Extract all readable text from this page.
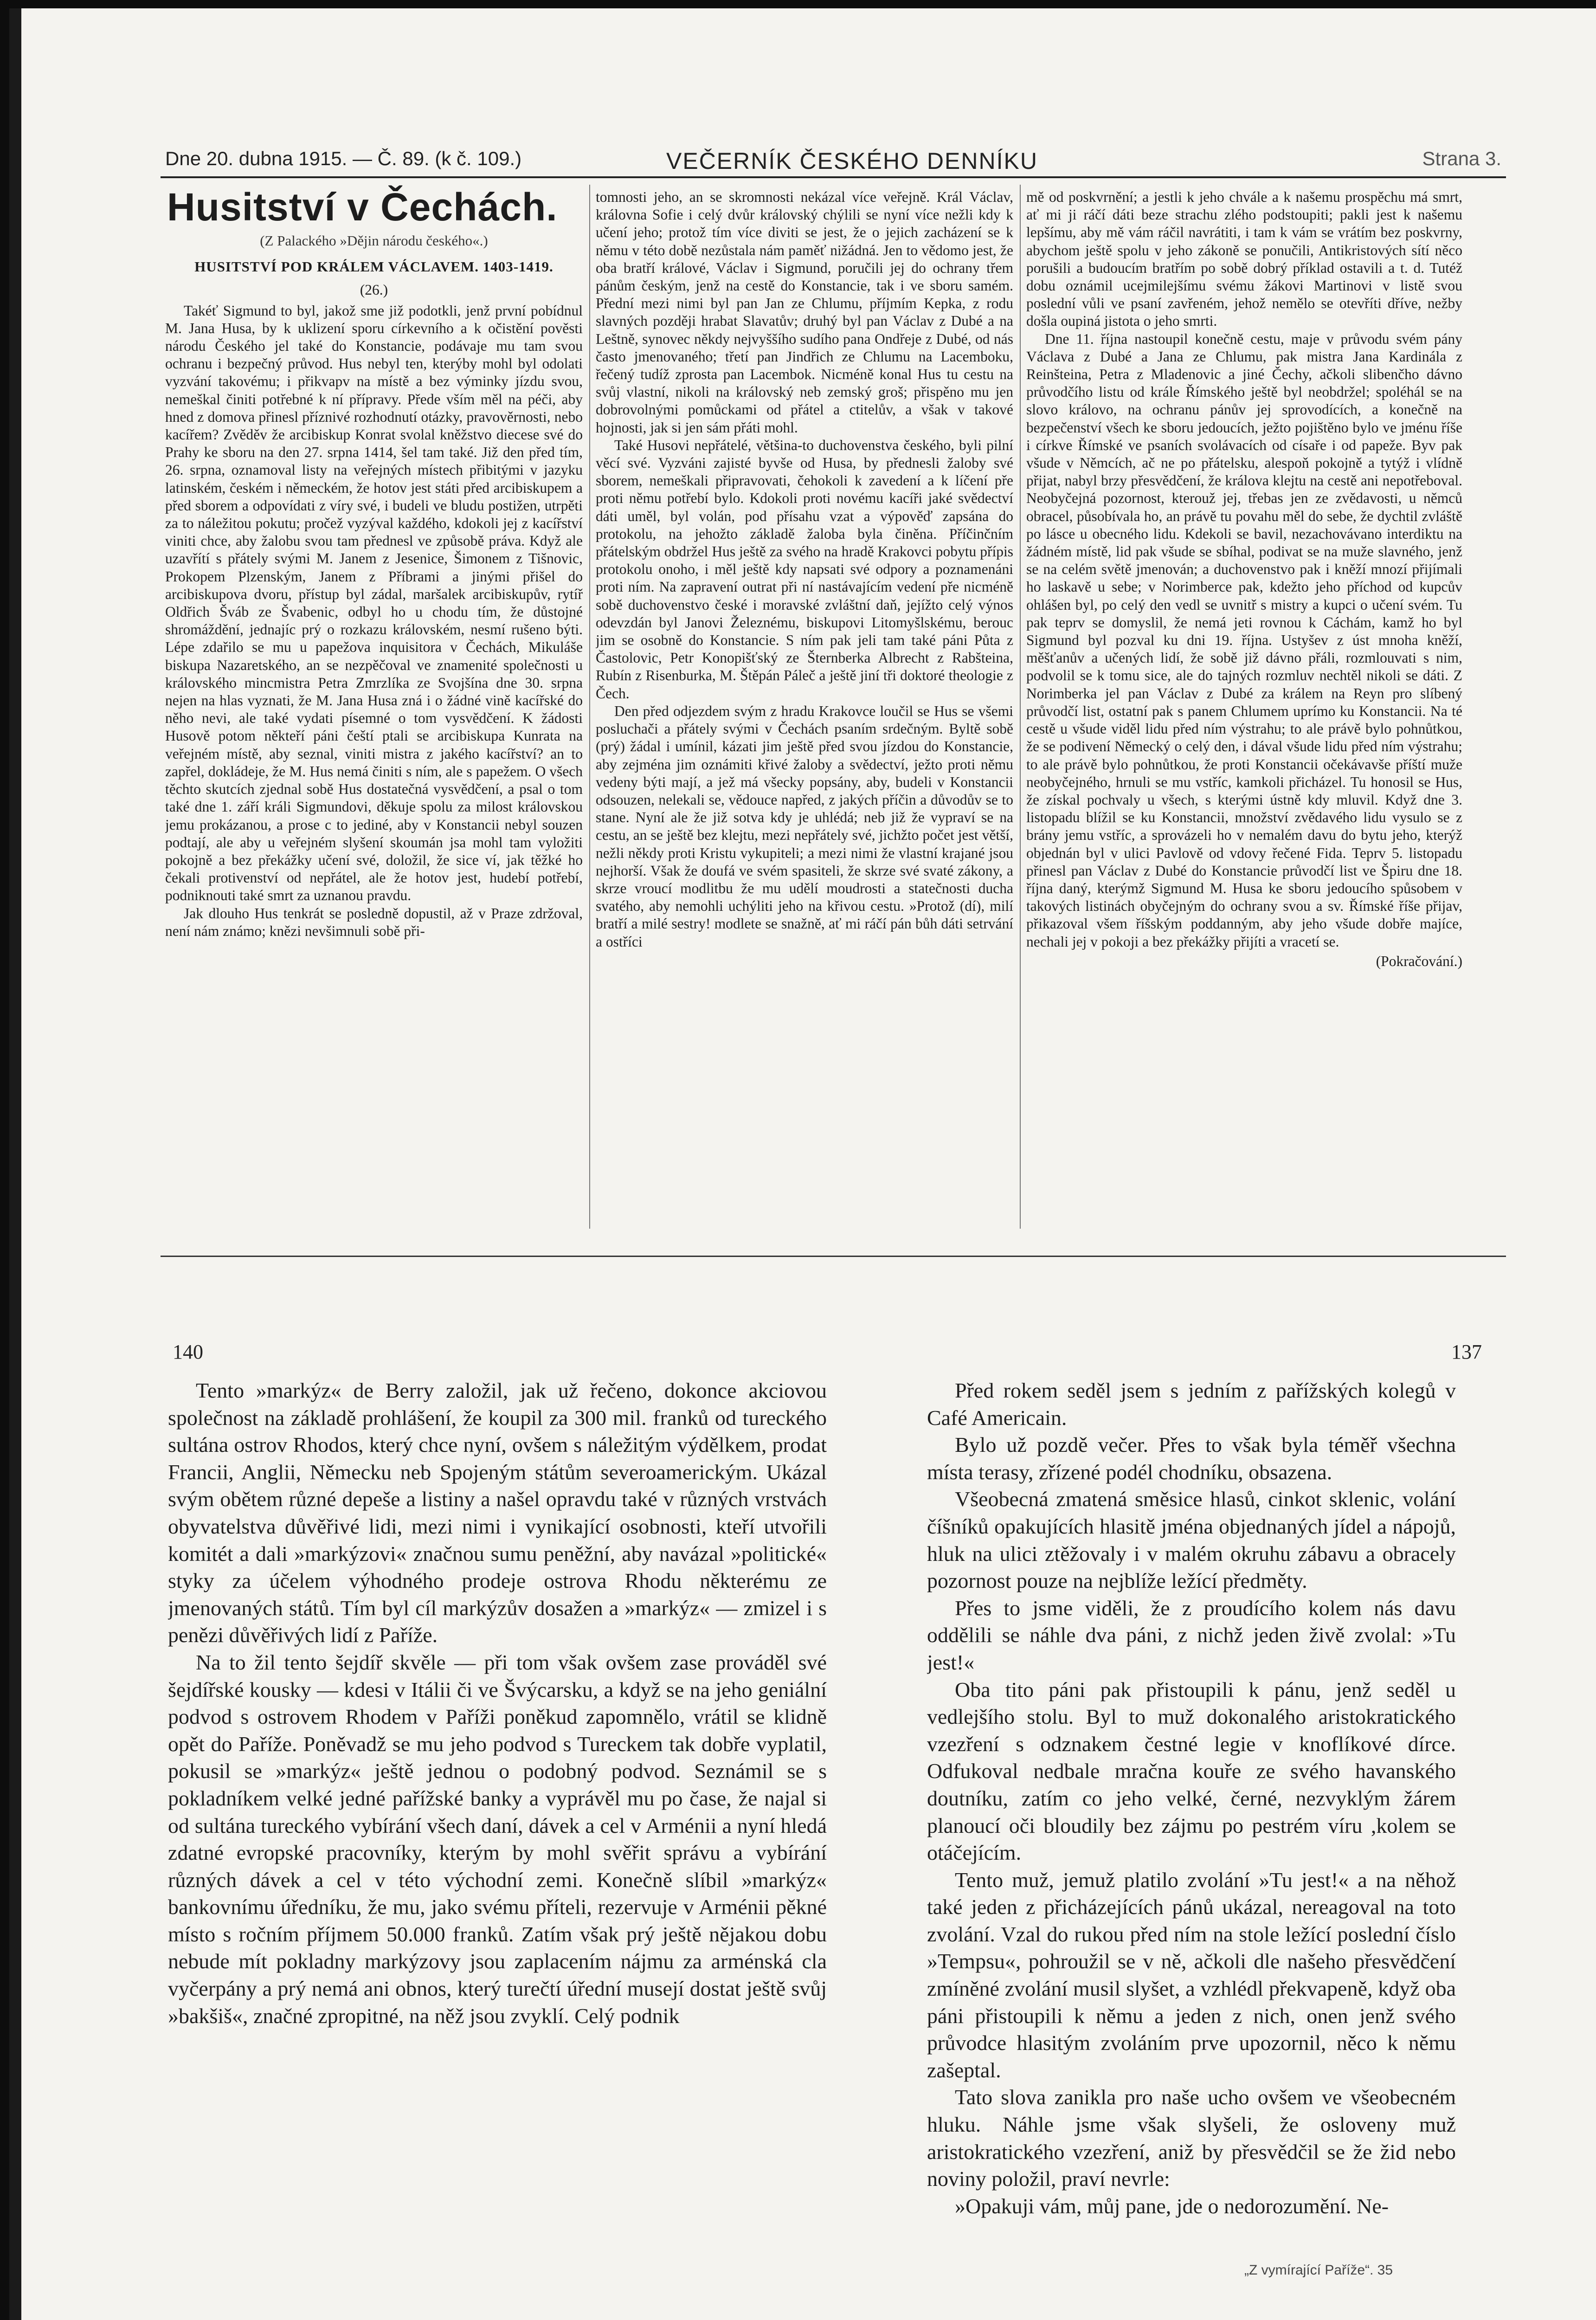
Dne 20. dubna 1915. — Č. 89. (k č. 109.)	VEČERNÍK ČESKÉHO DENNÍKU	Strana 3.
Husitství v Čechách.
(Z Palackého »Dějin národu českého«.)
HUSITSTVÍ POD KRÁLEM VÁCLAVEM. 1403-1419.
(26.)

Takéť Sigmund to byl, jakož sme již podotkli, jenž první pobídnul M. Jana Husa, by k uklizení sporu církevního a k očistění pověsti národu Českého jel také do Konstancie, podávaje mu tam svou ochranu i bezpečný průvod. Hus nebyl ten, kterýby mohl byl odolati vyzvání takovému; i přikvapv na místě a bez výminky jízdu svou, nemeškal činiti potřebné k ní přípravy. Přede vším měl na péči, aby hned z domova přinesl příznivé rozhodnutí otázky, pravověrnosti, nebo kacířem? Zvěděv že arcibiskup Konrat svolal kněžstvo diecese své do Prahy ke sboru na den 27. srpna 1414, šel tam také. Již den před tím, 26. srpna, oznamoval listy na veřejných místech přibitými v jazyku latinském, českém i německém, že hotov jest státi před arcibiskupem a před sborem a odpovídati z víry své, i budeli ve bludu postižen, utrpěti za to náležitou pokutu; pročež vyzýval každého, kdokoli jej z kacířství viniti chce, aby žalobu svou tam přednesl ve způsobě práva. Když ale uzavřítí s přátely svými M. Janem z Jesenice, Šimonem z Tišnovic, Prokopem Plzenským, Janem z Příbrami a jinými přišel do arcibiskupova dvoru, přístup byl zádal, maršalek arcibiskupův, rytíř Oldřich Šváb ze Švabenic, odbyl ho u chodu tím, že důstojné shromáždění, jednajíc prý o rozkazu královském, nesmí rušeno býti. Lépe zdařilo se mu u papežova inquisitora v Čechách, Mikuláše biskupa Nazaretského, an se nezpěčoval ve znamenité společnosti u královského mincmistra Petra Zmrzlíka ze Svojšína dne 30. srpna nejen na hlas vyznati, že M. Jana Husa zná i o žádné vině kacířské do něho nevi, ale také vydati písemné o tom vysvědčení. K žádosti Husově potom někteří páni čeští ptali se arcibiskupa Kunrata na veřejném místě, aby seznal, viniti mistra z jakého kacířství? an to zapřel, dokládeje, že M. Hus nemá činiti s ním, ale s papežem. O všech těchto skutcích zjednal sobě Hus dostatečná vysvědčení, a psal o tom také dne 1. září králi Sigmundovi, děkuje spolu za milost královskou jemu prokázanou, a prose c to jediné, aby v Konstancii nebyl souzen podtají, ale aby u veřejném slyšení skoumán jsa mohl tam vyložiti pokojně a bez překážky učení své, doložil, že sice ví, jak těžké ho čekali protivenství od nepřátel, ale že hotov jest, hudebí potřebí, podniknouti také smrt za uznanou pravdu.

Jak dlouho Hus tenkrát se posledně dopustil, až v Praze zdržoval, není nám známo; knězi nevšimnuli sobě při-

tomnosti jeho, an se skromnosti nekázal více veřejně. Král Václav, královna Sofie i celý dvůr královský chýlili se nyní více nežli kdy k učení jeho; protož tím více diviti se jest, že o jejich zacházení se k němu v této době nezůstala nám paměť nižádná. Jen to vědomo jest, že oba bratří králové, Václav i Sigmund, poručili jej do ochrany třem pánům českým, jenž na cestě do Konstancie, tak i ve sboru samém. Přední mezi nimi byl pan Jan ze Chlumu, příjmím Kepka, z rodu slavných později hrabat Slavatův; druhý byl pan Václav z Dubé a na Leštně, synovec někdy nejvyššího sudího pana Ondřeje z Dubé, od nás často jmenovaného; třetí pan Jindřich ze Chlumu na Lacemboku, řečený tudíž zprosta pan Lacembok. Nicméně konal Hus tu cestu na svůj vlastní, nikoli na královský neb zemský groš; přispěno mu jen dobrovolnými pomůckami od přátel a ctitelův, a však v takové hojnosti, jak si jen sám přáti mohl.

Také Husovi nepřátelé, většina-to duchovenstva českého, byli pilní věcí své. Vyzváni zajisté byvše od Husa, by přednesli žaloby své sborem, nemeškali připravovati, čehokoli k zavedení a k líčení pře proti němu potřebí bylo. Kdokoli proti novému kacíři jaké svědectví dáti uměl, byl volán, pod přísahu vzat a výpověď zapsána do protokolu, na jehožto základě žaloba byla činěna. Příčinčním přátelským obdržel Hus ještě za svého na hradě Krakovci pobytu přípis protokolu onoho, i měl ještě kdy napsati své odpory a poznamenáni proti ním. Na zapravení outrat při ní nastávajícím vedení pře nicméně sobě duchovenstvo české i moravské zvláštní daň, jejížto celý výnos odevzdán byl Janovi Železnému, biskupovi Litomyšlskému, berouc jim se osobně do Konstancie. S ním pak jeli tam také páni Půta z Častolovic, Petr Konopišťský ze Šternberka Albrecht z Rabšteina, Rubín z Risenburka, M. Štěpán Páleč a ještě jiní tři doktoré theologie z Čech.

Den před odjezdem svým z hradu Krakovce loučil se Hus se všemi posluchači a přátely svými v Čechách psaním srdečným. Byltě sobě (prý) žádal i umínil, kázati jim ještě před svou jízdou do Konstancie, aby zejména jim oznámiti křivé žaloby a svědectví, ježto proti němu vedeny býti mají, a jež má všecky popsány, aby, budeli v Konstancii odsouzen, nelekali se, vědouce napřed, z jakých příčin a důvodův se to stane. Nyní ale že již sotva kdy je uhlédá; neb již že vypraví se na cestu, an se ještě bez klejtu, mezi nepřátely své, jichžto počet jest větší, nežli někdy proti Kristu vykupiteli; a mezi nimi že vlastní krajané jsou nejhorší. Však že doufá ve svém spasiteli, že skrze své svaté zákony, a skrze vroucí modlitbu že mu udělí moudrosti a statečnosti ducha svatého, aby nemohli uchýliti jeho na křivou cestu. »Protož (dí), milí bratří a milé sestry! modlete se snažně, ať mi ráčí pán bůh dáti setrvání a ostříci

mě od poskvrnění; a jestli k jeho chvále a k našemu prospěchu má smrt, ať mi ji ráčí dáti beze strachu zlého podstoupiti; pakli jest k našemu lepšímu, aby mě vám ráčil navrátiti, i tam k vám se vrátím bez poskvrny, abychom ještě spolu v jeho zákoně se ponučili, Antikristových sítí něco porušili a budoucím bratřím po sobě dobrý příklad ostavili a t. d. Tutéž dobu oznámil ucejmilejšímu svému žákovi Martinovi v listě svou poslední vůli ve psaní zavřeném, jehož nemělo se otevříti dříve, nežby došla oupiná jistota o jeho smrti.

Dne 11. října nastoupil konečně cestu, maje v průvodu svém pány Václava z Dubé a Jana ze Chlumu, pak mistra Jana Kardinála z Reinšteina, Petra z Mladenovic a jiné Čechy, ačkoli slibenčho dávno průvodčího listu od krále Římského ještě byl neobdržel; spoléhál se na slovo královo, na ochranu pánův jej sprovodících, a konečně na bezpečenství všech ke sboru jedoucích, ježto pojištěno bylo ve jménu říše i církve Římské ve psaních svolávacích od císaře i od papeže. Byv pak všude v Němcích, ač ne po přátelsku, alespoň pokojně a tytýž i vlídně přijat, nabyl brzy přesvědčení, že králova klejtu na cestě ani nepotřeboval. Neobyčejná pozornost, kterouž jej, třebas jen ze zvědavosti, u němců obracel, působívala ho, an právě tu povahu měl do sebe, že dychtil zvláště po lásce u obecného lidu. Kdekoli se bavil, nezachovávano interdiktu na žádném místě, lid pak všude se sbíhal, podivat se na muže slavného, jenž se na celém světě jmenován; a duchovenstvo pak i kněží mnozí přijímali ho laskavě u sebe; v Norimberce pak, kdežto jeho příchod od kupcův ohlášen byl, po celý den vedl se uvnitř s mistry a kupci o učení svém. Tu pak teprv se domyslil, že nemá jeti rovnou k Cáchám, kamž ho byl Sigmund byl pozval ku dni 19. října. Ustyšev z úst mnoha kněží, měšťanův a učených lidí, že sobě již dávno přáli, rozmlouvati s nim, podvolil se k tomu sice, ale do tajných rozmluv nechtěl nikoli se dáti. Z Norimberka jel pan Václav z Dubé za králem na Reyn pro slíbený průvodčí list, ostatní pak s panem Chlumem uprímo ku Konstancii. Na té cestě u všude viděl lidu před ním výstrahu; to ale právě bylo pohnůtkou, že se podivení Německý o celý den, i dával všude lidu před ním výstrahu; to ale právě bylo pohnůtkou, že proti Konstancii očekávavše příští muže neobyčejného, hrnuli se mu vstříc, kamkoli přicházel. Tu honosil se Hus, že získal pochvaly u všech, s kterými ústně kdy mluvil. Když dne 3. listopadu blížil se ku Konstancii, množství zvědavého lidu vysulo se z brány jemu vstříc, a sprovázeli ho v nemalém davu do bytu jeho, kterýž objednán byl v ulici Pavlově od vdovy řečené Fida. Teprv 5. listopadu přinesl pan Václav z Dubé do Konstancie průvodčí list ve Špiru dne 18. října daný, kterýmž Sigmund M. Husa ke sboru jedoucího spůsobem v takových listinách obyčejným do ochrany svou a sv. Římské říše přijav, přikazoval všem říšským poddanným, aby jeho všude dobře majíce, nechali jej v pokoji a bez překážky přijíti a vracetí se.

(Pokračování.)
140	137

Tento »markýz« de Berry založil, jak už řečeno, dokonce akciovou společnost na základě prohlášení, že koupil za 300 mil. franků od tureckého sultána ostrov Rhodos, který chce nyní, ovšem s náležitým výdělkem, prodat Francii, Anglii, Německu neb Spojeným státům severoamerickým. Ukázal svým obětem různé depeše a listiny a našel opravdu také v různých vrstvách obyvatelstva důvěřivé lidi, mezi nimi i vynikající osobnosti, kteří utvořili komitét a dali »markýzovi« značnou sumu peněžní, aby navázal »politické« styky za účelem výhodného prodeje ostrova Rhodu některému ze jmenovaných států. Tím byl cíl markýzův dosažen a »markýz« — zmizel i s penězi důvěřivých lidí z Paříže.

Na to žil tento šejdíř skvěle — při tom však ovšem zase prováděl své šejdířské kousky — kdesi v Itálii či ve Švýcarsku, a když se na jeho geniální podvod s ostrovem Rhodem v Paříži poněkud zapomnělo, vrátil se klidně opět do Paříže. Poněvadž se mu jeho podvod s Tureckem tak dobře vyplatil, pokusil se »markýz« ještě jednou o podobný podvod. Seznámil se s pokladníkem velké jedné pařížské banky a vyprávěl mu po čase, že najal si od sultána tureckého vybírání všech daní, dávek a cel v Arménii a nyní hledá zdatné evropské pracovníky, kterým by mohl svěřit správu a vybírání různých dávek a cel v této východní zemi. Konečně slíbil »markýz« bankovnímu úředníku, že mu, jako svému příteli, rezervuje v Arménii pěkné místo s ročním příjmem 50.000 franků. Zatím však prý ještě nějakou dobu nebude mít pokladny markýzovy jsou zaplacením nájmu za arménská cla vyčerpány a prý nemá ani obnos, který turečtí úřední musejí dostat ještě svůj »bakšiš«, značné zpropitné, na něž jsou zvyklí. Celý podnik

Před rokem seděl jsem s jedním z pařížských kolegů v Café Americain.

Bylo už pozdě večer. Přes to však byla téměř všechna místa terasy, zřízené podél chodníku, obsazena.

Všeobecná zmatená směsice hlasů, cinkot sklenic, volání číšníků opakujících hlasitě jména objednaných jídel a nápojů, hluk na ulici ztěžovaly i v malém okruhu zábavu a obracely pozornost pouze na nejblíže ležící předměty.

Přes to jsme viděli, že z proudícího kolem nás davu oddělili se náhle dva páni, z nichž jeden živě zvolal: »Tu jest!«

Oba tito páni pak přistoupili k pánu, jenž seděl u vedlejšího stolu. Byl to muž dokonalého aristokratického vzezření s odznakem čestné legie v knoflíkové dírce. Odfukoval nedbale mračna kouře ze svého havanského doutníku, zatím co jeho velké, černé, nezvyklým žárem planoucí oči bloudily bez zájmu po pestrém víru ,kolem se otáčejícím.

Tento muž, jemuž platilo zvolání »Tu jest!« a na něhož také jeden z přicházejících pánů ukázal, nereagoval na toto zvolání. Vzal do rukou před ním na stole ležící poslední číslo »Tempsu«, pohroužil se v ně, ačkoli dle našeho přesvědčení zmíněné zvolání musil slyšet, a vzhlédl překvapeně, když oba páni přistoupili k němu a jeden z nich, onen jenž svého průvodce hlasitým zvoláním prve upozornil, něco k němu zašeptal.

Tato slova zanikla pro naše ucho ovšem ve všeobecném hluku. Náhle jsme však slyšeli, že osloveny muž aristokratického vzezření, aniž by přesvědčil se že žid nebo noviny položil, praví nevrle:

»Opakuji vám, můj pane, jde o nedorozumění. Ne-

„Z vymírající Paříže“. 35
